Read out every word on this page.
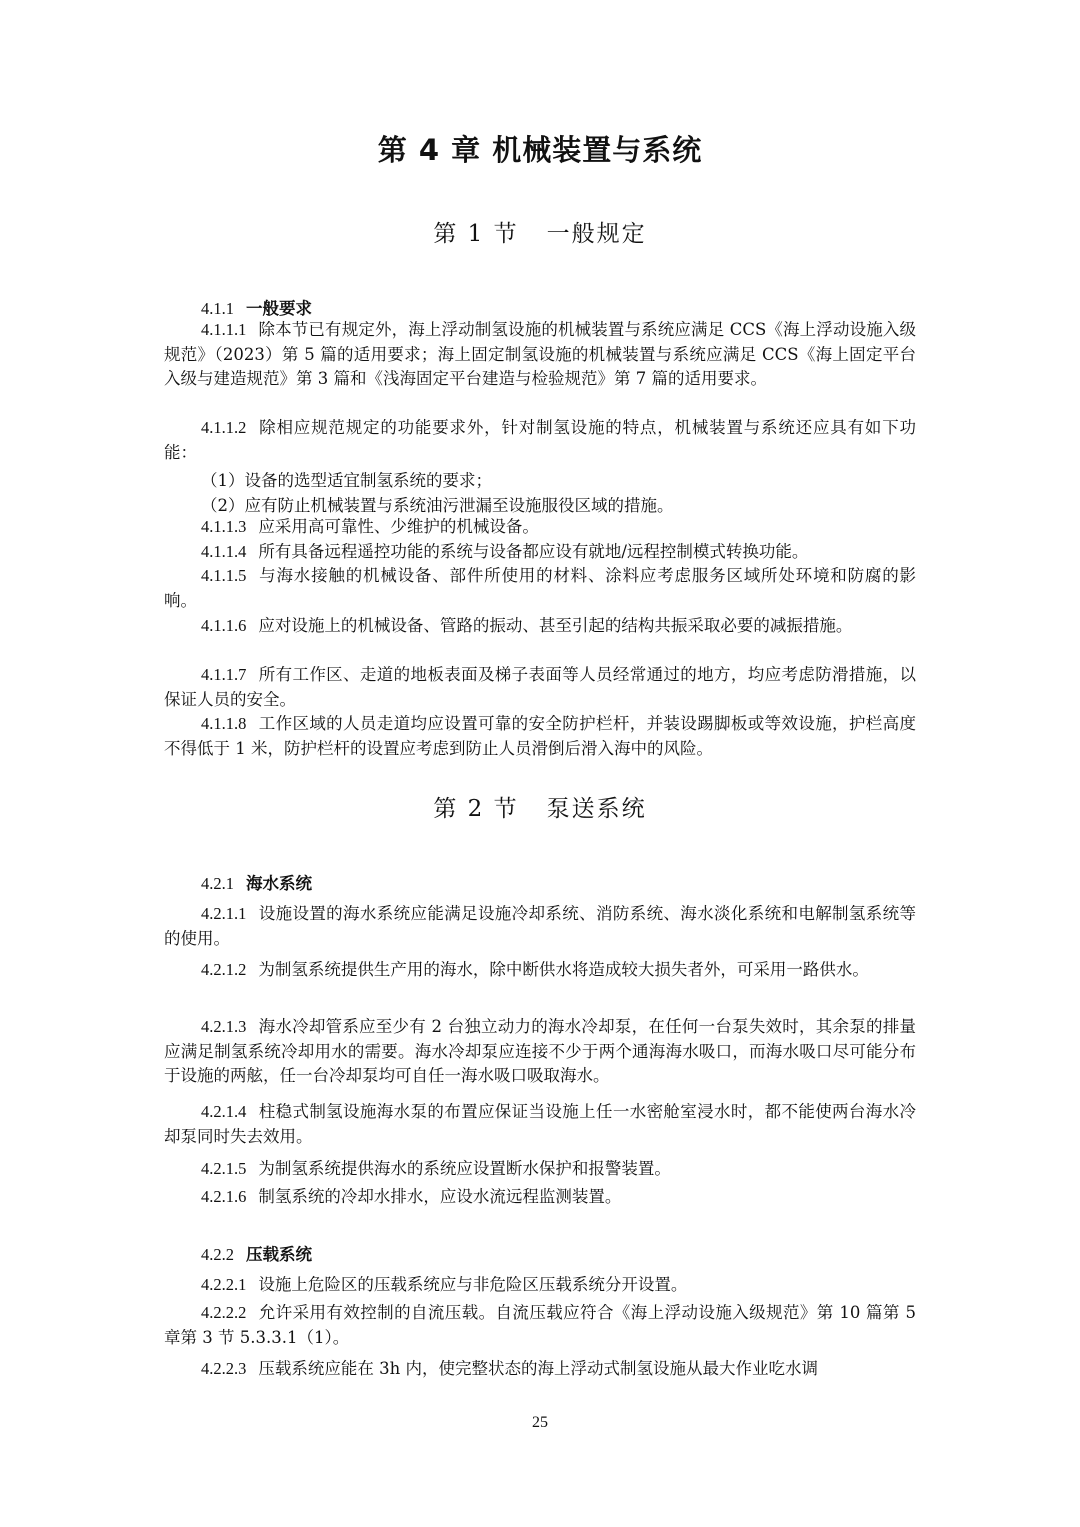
第 4 章 机械装置与系统
第 1 节 一般规定
4.1.1 一般要求
4.1.1.1 除本节已有规定外，海上浮动制氢设施的机械装置与系统应满足 CCS《海上浮动设施入级规范》（2023）第 5 篇的适用要求；海上固定制氢设施的机械装置与系统应满足 CCS《海上固定平台入级与建造规范》第 3 篇和《浅海固定平台建造与检验规范》第 7 篇的适用要求。
4.1.1.2 除相应规范规定的功能要求外，针对制氢设施的特点，机械装置与系统还应具有如下功能：
（1）设备的选型适宜制氢系统的要求；
（2）应有防止机械装置与系统油污泄漏至设施服役区域的措施。
4.1.1.3 应采用高可靠性、少维护的机械设备。
4.1.1.4 所有具备远程遥控功能的系统与设备都应设有就地/远程控制模式转换功能。
4.1.1.5 与海水接触的机械设备、部件所使用的材料、涂料应考虑服务区域所处环境和防腐的影响。
4.1.1.6 应对设施上的机械设备、管路的振动、甚至引起的结构共振采取必要的减振措施。
4.1.1.7 所有工作区、走道的地板表面及梯子表面等人员经常通过的地方，均应考虑防滑措施，以保证人员的安全。
4.1.1.8 工作区域的人员走道均应设置可靠的安全防护栏杆，并装设踢脚板或等效设施，护栏高度不得低于 1 米，防护栏杆的设置应考虑到防止人员滑倒后滑入海中的风险。
第 2 节 泵送系统
4.2.1 海水系统
4.2.1.1 设施设置的海水系统应能满足设施冷却系统、消防系统、海水淡化系统和电解制氢系统等的使用。
4.2.1.2 为制氢系统提供生产用的海水，除中断供水将造成较大损失者外，可采用一路供水。
4.2.1.3 海水冷却管系应至少有 2 台独立动力的海水冷却泵，在任何一台泵失效时，其余泵的排量应满足制氢系统冷却用水的需要。海水冷却泵应连接不少于两个通海海水吸口，而海水吸口尽可能分布于设施的两舷，任一台冷却泵均可自任一海水吸口吸取海水。
4.2.1.4 柱稳式制氢设施海水泵的布置应保证当设施上任一水密舱室浸水时，都不能使两台海水冷却泵同时失去效用。
4.2.1.5 为制氢系统提供海水的系统应设置断水保护和报警装置。
4.2.1.6 制氢系统的冷却水排水，应设水流远程监测装置。
4.2.2 压载系统
4.2.2.1 设施上危险区的压载系统应与非危险区压载系统分开设置。
4.2.2.2 允许采用有效控制的自流压载。自流压载应符合《海上浮动设施入级规范》第 10 篇第 5 章第 3 节 5.3.3.1（1）。
4.2.2.3 压载系统应能在 3h 内，使完整状态的海上浮动式制氢设施从最大作业吃水调
25
